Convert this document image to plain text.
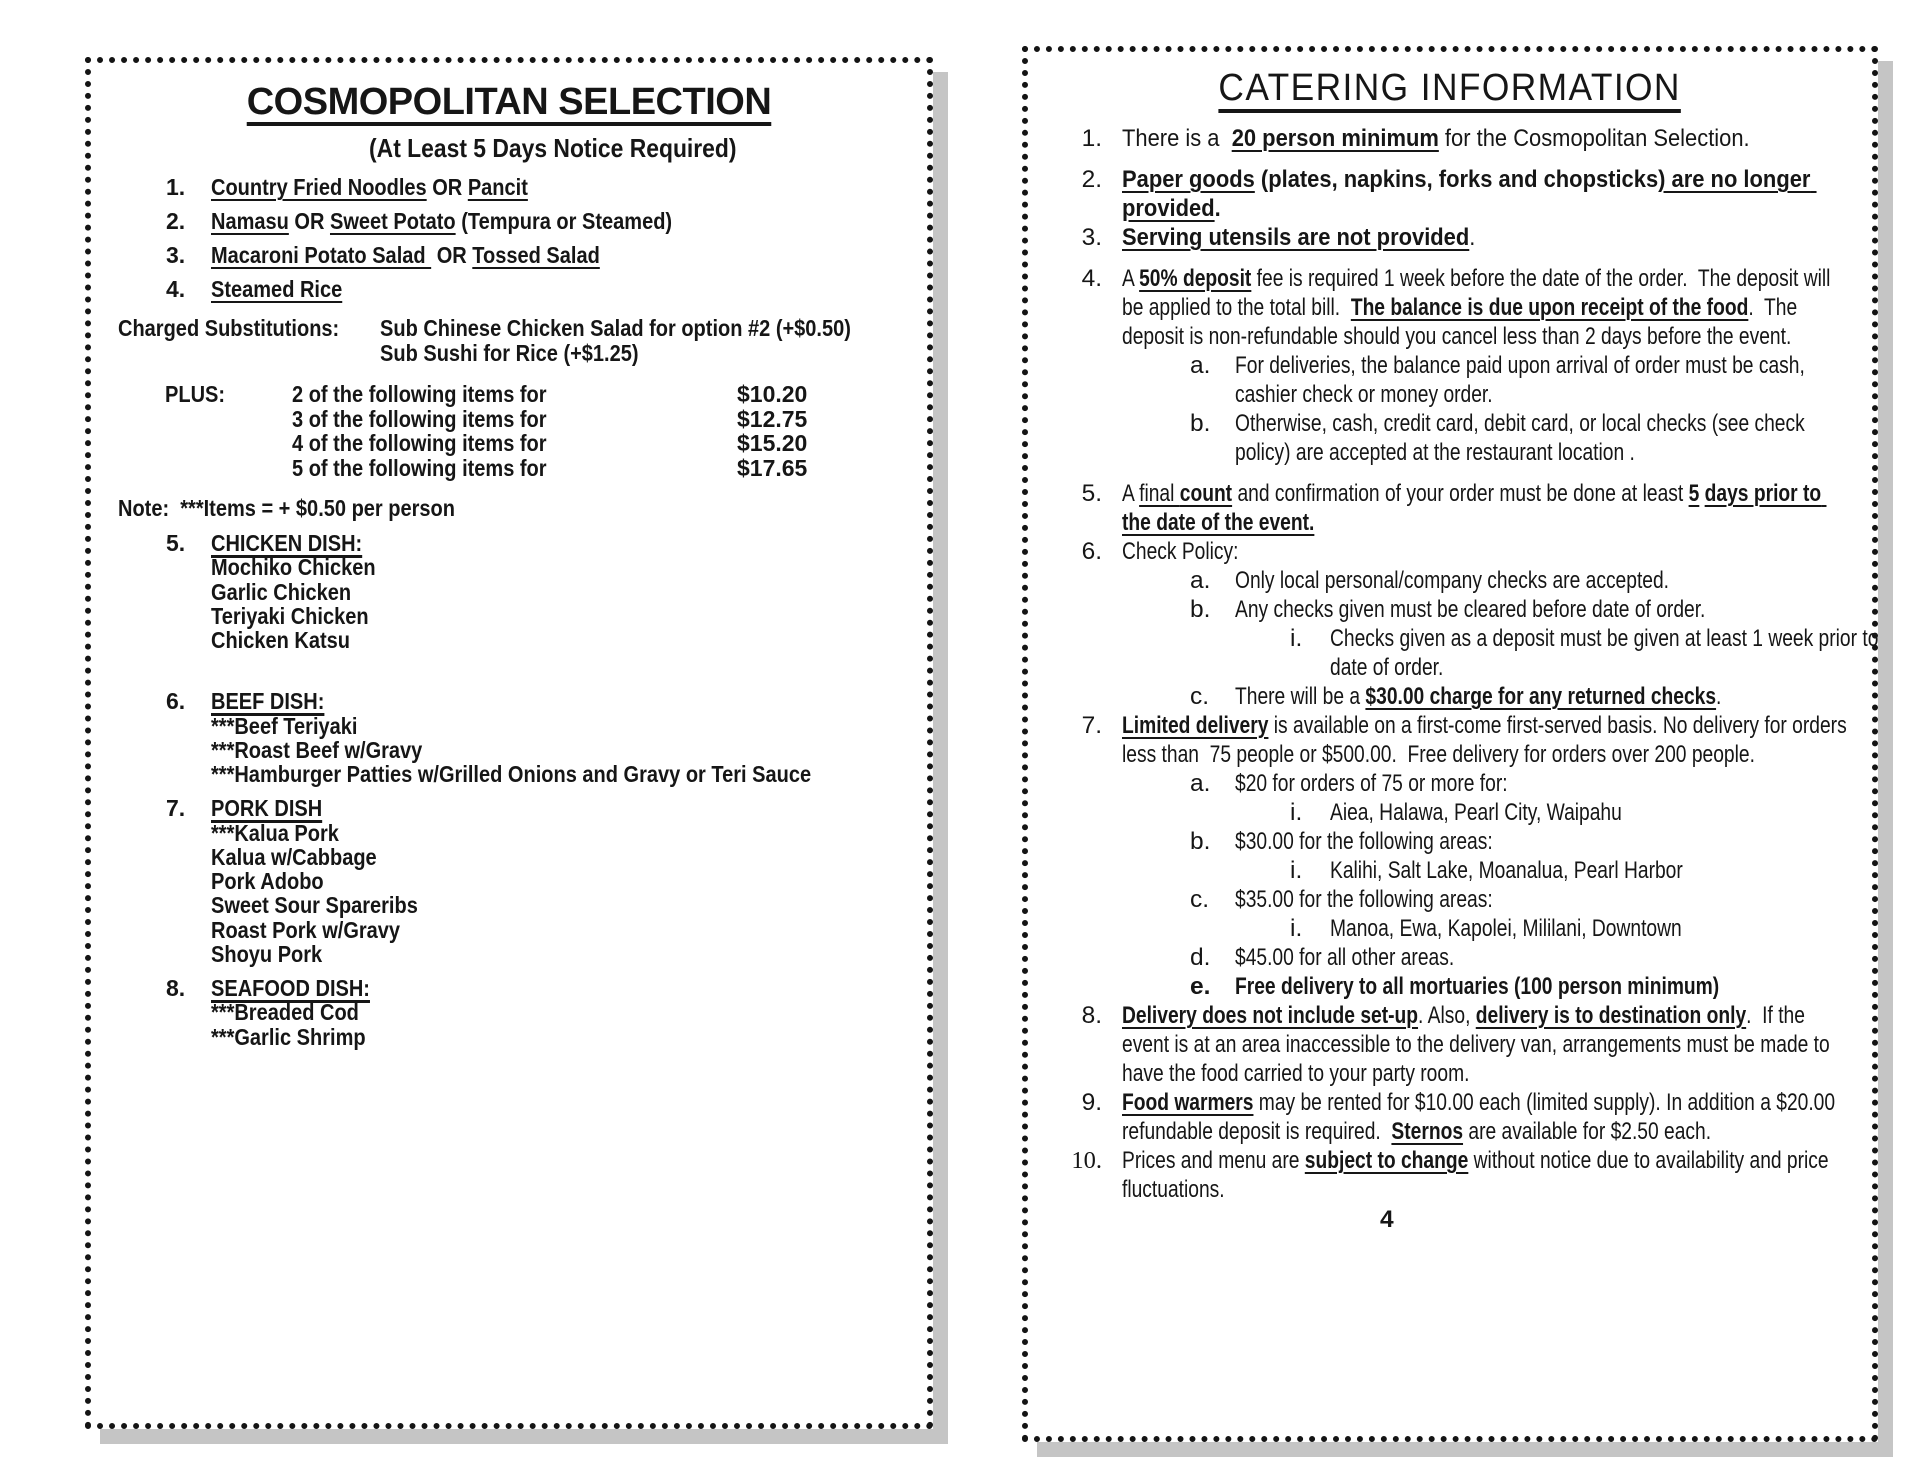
COSMOPOLITAN SELECTION
(At Least 5 Days Notice Required)
1.	Country Fried Noodles OR Pancit
2.	Namasu OR Sweet Potato (Tempura or Steamed)
3.	Macaroni Potato Salad  OR Tossed Salad
4.	Steamed Rice
Charged Substitutions:	Sub Chinese Chicken Salad for option #2 (+$0.50)
Sub Sushi for Rice (+$1.25)
PLUS:	2 of the following items for	$10.20
3 of the following items for	$12.75
4 of the following items for	$15.20
5 of the following items for	$17.65
Note:  ***Items = + $0.50 per person
5.	CHICKEN DISH:
Mochiko Chicken
Garlic Chicken
Teriyaki Chicken
Chicken Katsu
6.	BEEF DISH:
***Beef Teriyaki
***Roast Beef w/Gravy
***Hamburger Patties w/Grilled Onions and Gravy or Teri Sauce
7.	PORK DISH
***Kalua Pork
Kalua w/Cabbage
Pork Adobo
Sweet Sour Spareribs
Roast Pork w/Gravy
Shoyu Pork
8.	SEAFOOD DISH:
***Breaded Cod
***Garlic Shrimp
CATERING INFORMATION
1. There is a  20 person minimum for the Cosmopolitan Selection.
2. Paper goods (plates, napkins, forks and chopsticks) are no longer provided.
3. Serving utensils are not provided.
4. A 50% deposit fee is required 1 week before the date of the order.  The deposit will be applied to the total bill.  The balance is due upon receipt of the food.  The deposit is non-refundable should you cancel less than 2 days before the event.
a.	For deliveries, the balance paid upon arrival of order must be cash, cashier check or money order.
b.	Otherwise, cash, credit card, debit card, or local checks (see check policy) are accepted at the restaurant location .
5. A final count and confirmation of your order must be done at least 5 days prior to the date of the event.
6. Check Policy:
a.	Only local personal/company checks are accepted.
b.	Any checks given must be cleared before date of order.
i.	Checks given as a deposit must be given at least 1 week prior to date of order.
c.	There will be a $30.00 charge for any returned checks.
7. Limited delivery is available on a first-come first-served basis. No delivery for orders less than  75 people or $500.00.  Free delivery for orders over 200 people.
a.	$20 for orders of 75 or more for:
i.	Aiea, Halawa, Pearl City, Waipahu
b.	$30.00 for the following areas:
i.	Kalihi, Salt Lake, Moanalua, Pearl Harbor
c.	$35.00 for the following areas:
i.	Manoa, Ewa, Kapolei, Mililani, Downtown
d.	$45.00 for all other areas.
e.	Free delivery to all mortuaries (100 person minimum)
8. Delivery does not include set-up. Also, delivery is to destination only.  If the event is at an area inaccessible to the delivery van, arrangements must be made to have the food carried to your party room.
9. Food warmers may be rented for $10.00 each (limited supply). In addition a $20.00 refundable deposit is required.  Sternos are available for $2.50 each.
10. Prices and menu are subject to change without notice due to availability and price fluctuations.
4
